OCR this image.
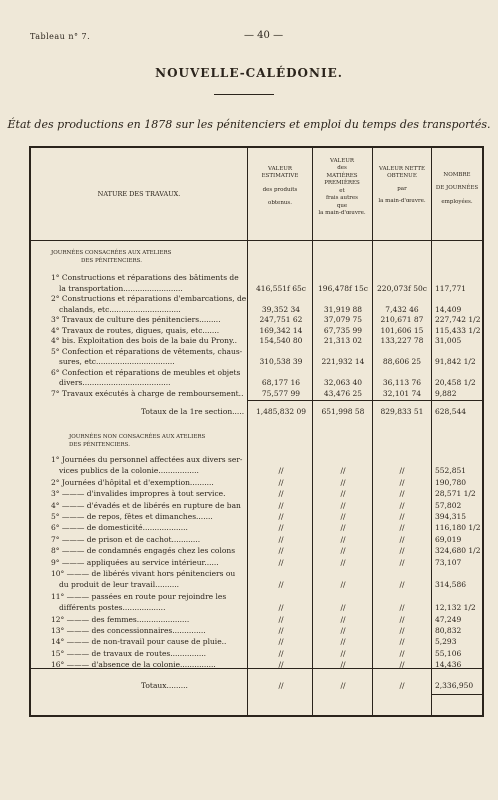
Tableau n° 7.	— 40 —
NOUVELLE-CALÉDONIE.
État des productions en 1878 sur les pénitenciers et emploi du temps des transportés.
NATURE DES TRAVAUX.
VALEUR
ESTIMATIVE
des produits
obtenus.
VALEUR
des
MATIÈRES PREMIÈRES
et
frais autres
que
la main-d'œuvre.
VALEUR NETTE
OBTENUE
par
la main-d'œuvre.
NOMBRE
DE JOURNÉES
employées.
JOURNÉES CONSACRÉES AUX ATELIERS
DES PÉNITENCIERS.
1° Constructions et réparations des bâtiments de
la transportation.........................	416,551f 65c	196,478f 15c	220,073f 50c	117,771
2° Constructions et réparations d'embarcations, de
chalands, etc..............................	39,352 34	31,919 88	7,432 46	14,409
3° Travaux de culture des pénitenciers.........	247,751 62	37,079 75	210,671 87	227,742 1/2
4° Travaux de routes, digues, quais, etc.......	169,342 14	67,735 99	101,606 15	115,433 1/2
4° bis. Exploitation des bois de la baie du Prony..	154,540 80	21,313 02	133,227 78	31,005
5° Confection et réparations de vêtements, chaus-
sures, etc.................................	310,538 39	221,932 14	88,606 25	91,842 1/2
6° Confection et réparations de meubles et objets
divers.....................................	68,177 16	32,063 40	36,113 76	20,458 1/2
7° Travaux exécutés à charge de remboursement..	75,577 99	43,476 25	32,101 74	9,882
Totaux de la 1re section.....	1,485,832 09	651,998 58	829,833 51	628,544
JOURNÉES NON CONSACRÉES AUX ATELIERS
DES PÉNITENCIERS.
1° Journées du personnel affectées aux divers ser-
vices publics de la colonie.................	//	//	//	552,851
2° Journées d'hôpital et d'exemption..........	//	//	//	190,780
3° ——— d'invalides impropres à tout service.	//	//	//	28,571 1/2
4° ——— d'évadés et de libérés en rupture de ban	//	//	//	57,802
5° ——— de repos, fêtes et dimanches.......	//	//	//	394,315
6° ——— de domesticité...................	//	//	//	116,180 1/2
7° ——— de prison et de cachot............	//	//	//	69,019
8° ——— de condamnés engagés chez les colons	//	//	//	324,680 1/2
9° ——— appliquées au service intérieur......	//	//	//	73,107
10° ——— de libérés vivant hors pénitenciers ou
du produit de leur travail..........	//	//	//	314,586
11° ——— passées en route pour rejoindre les
différents postes..................	//	//	//	12,132 1/2
12° ——— des femmes......................	//	//	//	47,249
13° ——— des concessionnaires..............	//	//	//	80,832
14° ——— de non-travail pour cause de pluie..	//	//	//	5,293
15° ——— de travaux de routes...............	//	//	//	55,106
16° ——— d'absence de la colonie...............	//	//	//	14,436
Totaux.........	//	//	//	2,336,950
